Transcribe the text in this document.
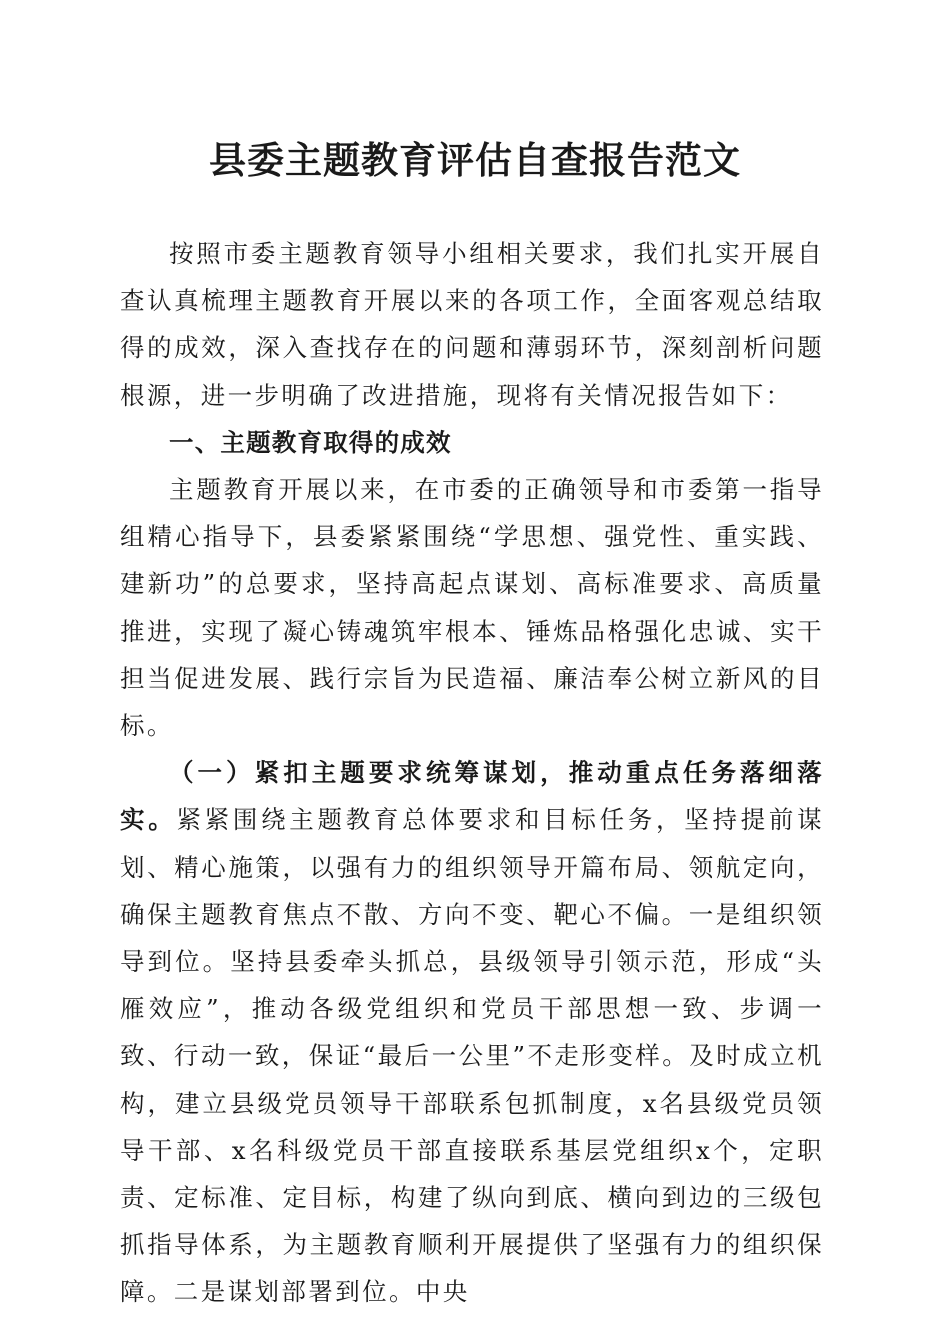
县委主题教育评估自查报告范文

按照市委主题教育领导小组相关要求，我们扎实开展自查认真梳理主题教育开展以来的各项工作，全面客观总结取得的成效，深入查找存在的问题和薄弱环节，深刻剖析问题根源，进一步明确了改进措施，现将有关情况报告如下：

一、主题教育取得的成效

主题教育开展以来，在市委的正确领导和市委第一指导组精心指导下，县委紧紧围绕“学思想、强党性、重实践、建新功”的总要求，坚持高起点谋划、高标准要求、高质量推进，实现了凝心铸魂筑牢根本、锤炼品格强化忠诚、实干担当促进发展、践行宗旨为民造福、廉洁奉公树立新风的目标。

（一）紧扣主题要求统筹谋划，推动重点任务落细落实。紧紧围绕主题教育总体要求和目标任务，坚持提前谋划、精心施策，以强有力的组织领导开篇布局、领航定向，确保主题教育焦点不散、方向不变、靶心不偏。一是组织领导到位。坚持县委牵头抓总，县级领导引领示范，形成“头雁效应”，推动各级党组织和党员干部思想一致、步调一致、行动一致，保证“最后一公里”不走形变样。及时成立机构，建立县级党员领导干部联系包抓制度，x名县级党员领导干部、x名科级党员干部直接联系基层党组织x个，定职责、定标准、定目标，构建了纵向到底、横向到边的三级包抓指导体系，为主题教育顺利开展提供了坚强有力的组织保障。二是谋划部署到位。中央
